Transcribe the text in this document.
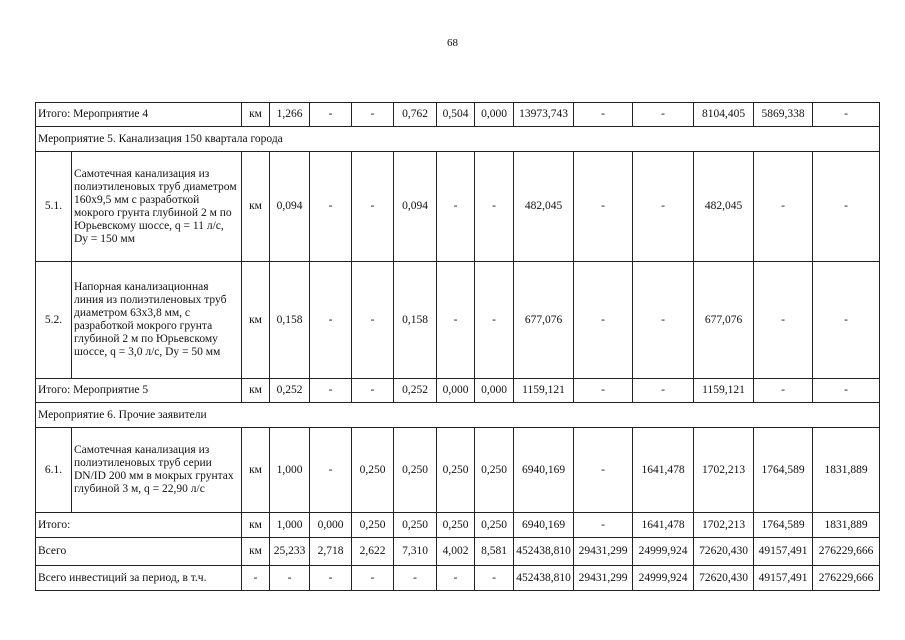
68
Итого: Мероприятие 4		км	1,266	-	-	0,762	0,504	0,000	13973,743	-	-	8104,405	5869,338	-
Мероприятие 5. Канализация 150 квартала города														
5.1.	Самотечная канализация из полиэтиленовых труб диаметром 160х9,5 мм с разработкой мокрого грунта глубиной 2 м по Юрьевскому шоссе, q = 11 л/с, Dy = 150 мм	км	0,094	-	-	0,094	-	-	482,045	-	-	482,045	-	-
5.2.	Напорная канализационная линия из полиэтиленовых труб диаметром 63х3,8 мм, с разработкой мокрого грунта глубиной 2 м по Юрьевскому шоссе, q = 3,0 л/с, Dy = 50 мм	км	0,158	-	-	0,158	-	-	677,076	-	-	677,076	-	-
Итого: Мероприятие 5		км	0,252	-	-	0,252	0,000	0,000	1159,121	-	-	1159,121	-	-
Мероприятие 6. Прочие заявители														
6.1.	Самотечная канализация из полиэтиленовых труб серии DN/ID 200 мм в мокрых грунтах глубиной 3 м, q = 22,90 л/с	км	1,000	-	0,250	0,250	0,250	0,250	6940,169	-	1641,478	1702,213	1764,589	1831,889
Итого:		км	1,000	0,000	0,250	0,250	0,250	0,250	6940,169	-	1641,478	1702,213	1764,589	1831,889
Всего		км	25,233	2,718	2,622	7,310	4,002	8,581	452438,810	29431,299	24999,924	72620,430	49157,491	276229,666
Всего инвестиций за период, в т.ч.		-	-	-	-	-	-	-	452438,810	29431,299	24999,924	72620,430	49157,491	276229,666
